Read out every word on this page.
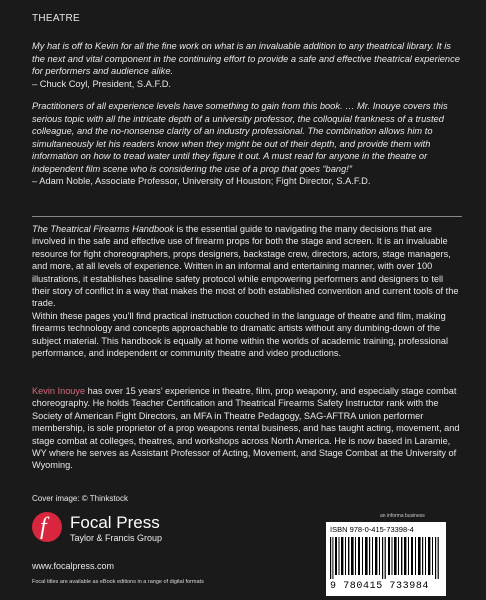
THEATRE
My hat is off to Kevin for all the fine work on what is an invaluable addition to any theatrical library. It is the next and vital component in the continuing effort to provide a safe and effective theatrical experience for performers and audience alike.
– Chuck Coyl, President, S.A.F.D.
Practitioners of all experience levels have something to gain from this book. … Mr. Inouye covers this serious topic with all the intricate depth of a university professor, the colloquial frankness of a trusted colleague, and the no-nonsense clarity of an industry professional. The combination allows him to simultaneously let his readers know when they might be out of their depth, and provide them with information on how to tread water until they figure it out. A must read for anyone in the theatre or independent film scene who is considering the use of a prop that goes “bang!”
– Adam Noble, Associate Professor, University of Houston; Fight Director, S.A.F.D.
The Theatrical Firearms Handbook is the essential guide to navigating the many decisions that are involved in the safe and effective use of firearm props for both the stage and screen. It is an invaluable resource for fight choreographers, props designers, backstage crew, directors, actors, stage managers, and more, at all levels of experience. Written in an informal and entertaining manner, with over 100 illustrations, it establishes baseline safety protocol while empowering performers and designers to tell their story of conflict in a way that makes the most of both established convention and current tools of the trade.
Within these pages you’ll find practical instruction couched in the language of theatre and film, making firearms technology and concepts approachable to dramatic artists without any dumbing-down of the subject material. This handbook is equally at home within the worlds of academic training, professional performance, and independent or community theatre and video productions.
Kevin Inouye has over 15 years’ experience in theatre, film, prop weaponry, and especially stage combat choreography. He holds Teacher Certification and Theatrical Firearms Safety Instructor rank with the Society of American Fight Directors, an MFA in Theatre Pedagogy, SAG-AFTRA union performer membership, is sole proprietor of a prop weapons rental business, and has taught acting, movement, and stage combat at colleges, theatres, and workshops across North America. He is now based in Laramie, WY where he serves as Assistant Professor of Acting, Movement, and Stage Combat at the University of Wyoming.
Cover image: © Thinkstock
f Focal Press
Taylor & Francis Group
www.focalpress.com
Focal titles are available as eBook editions in a range of digital formats
an informa business
ISBN 978-0-415-73398-4
9 780415 733984
